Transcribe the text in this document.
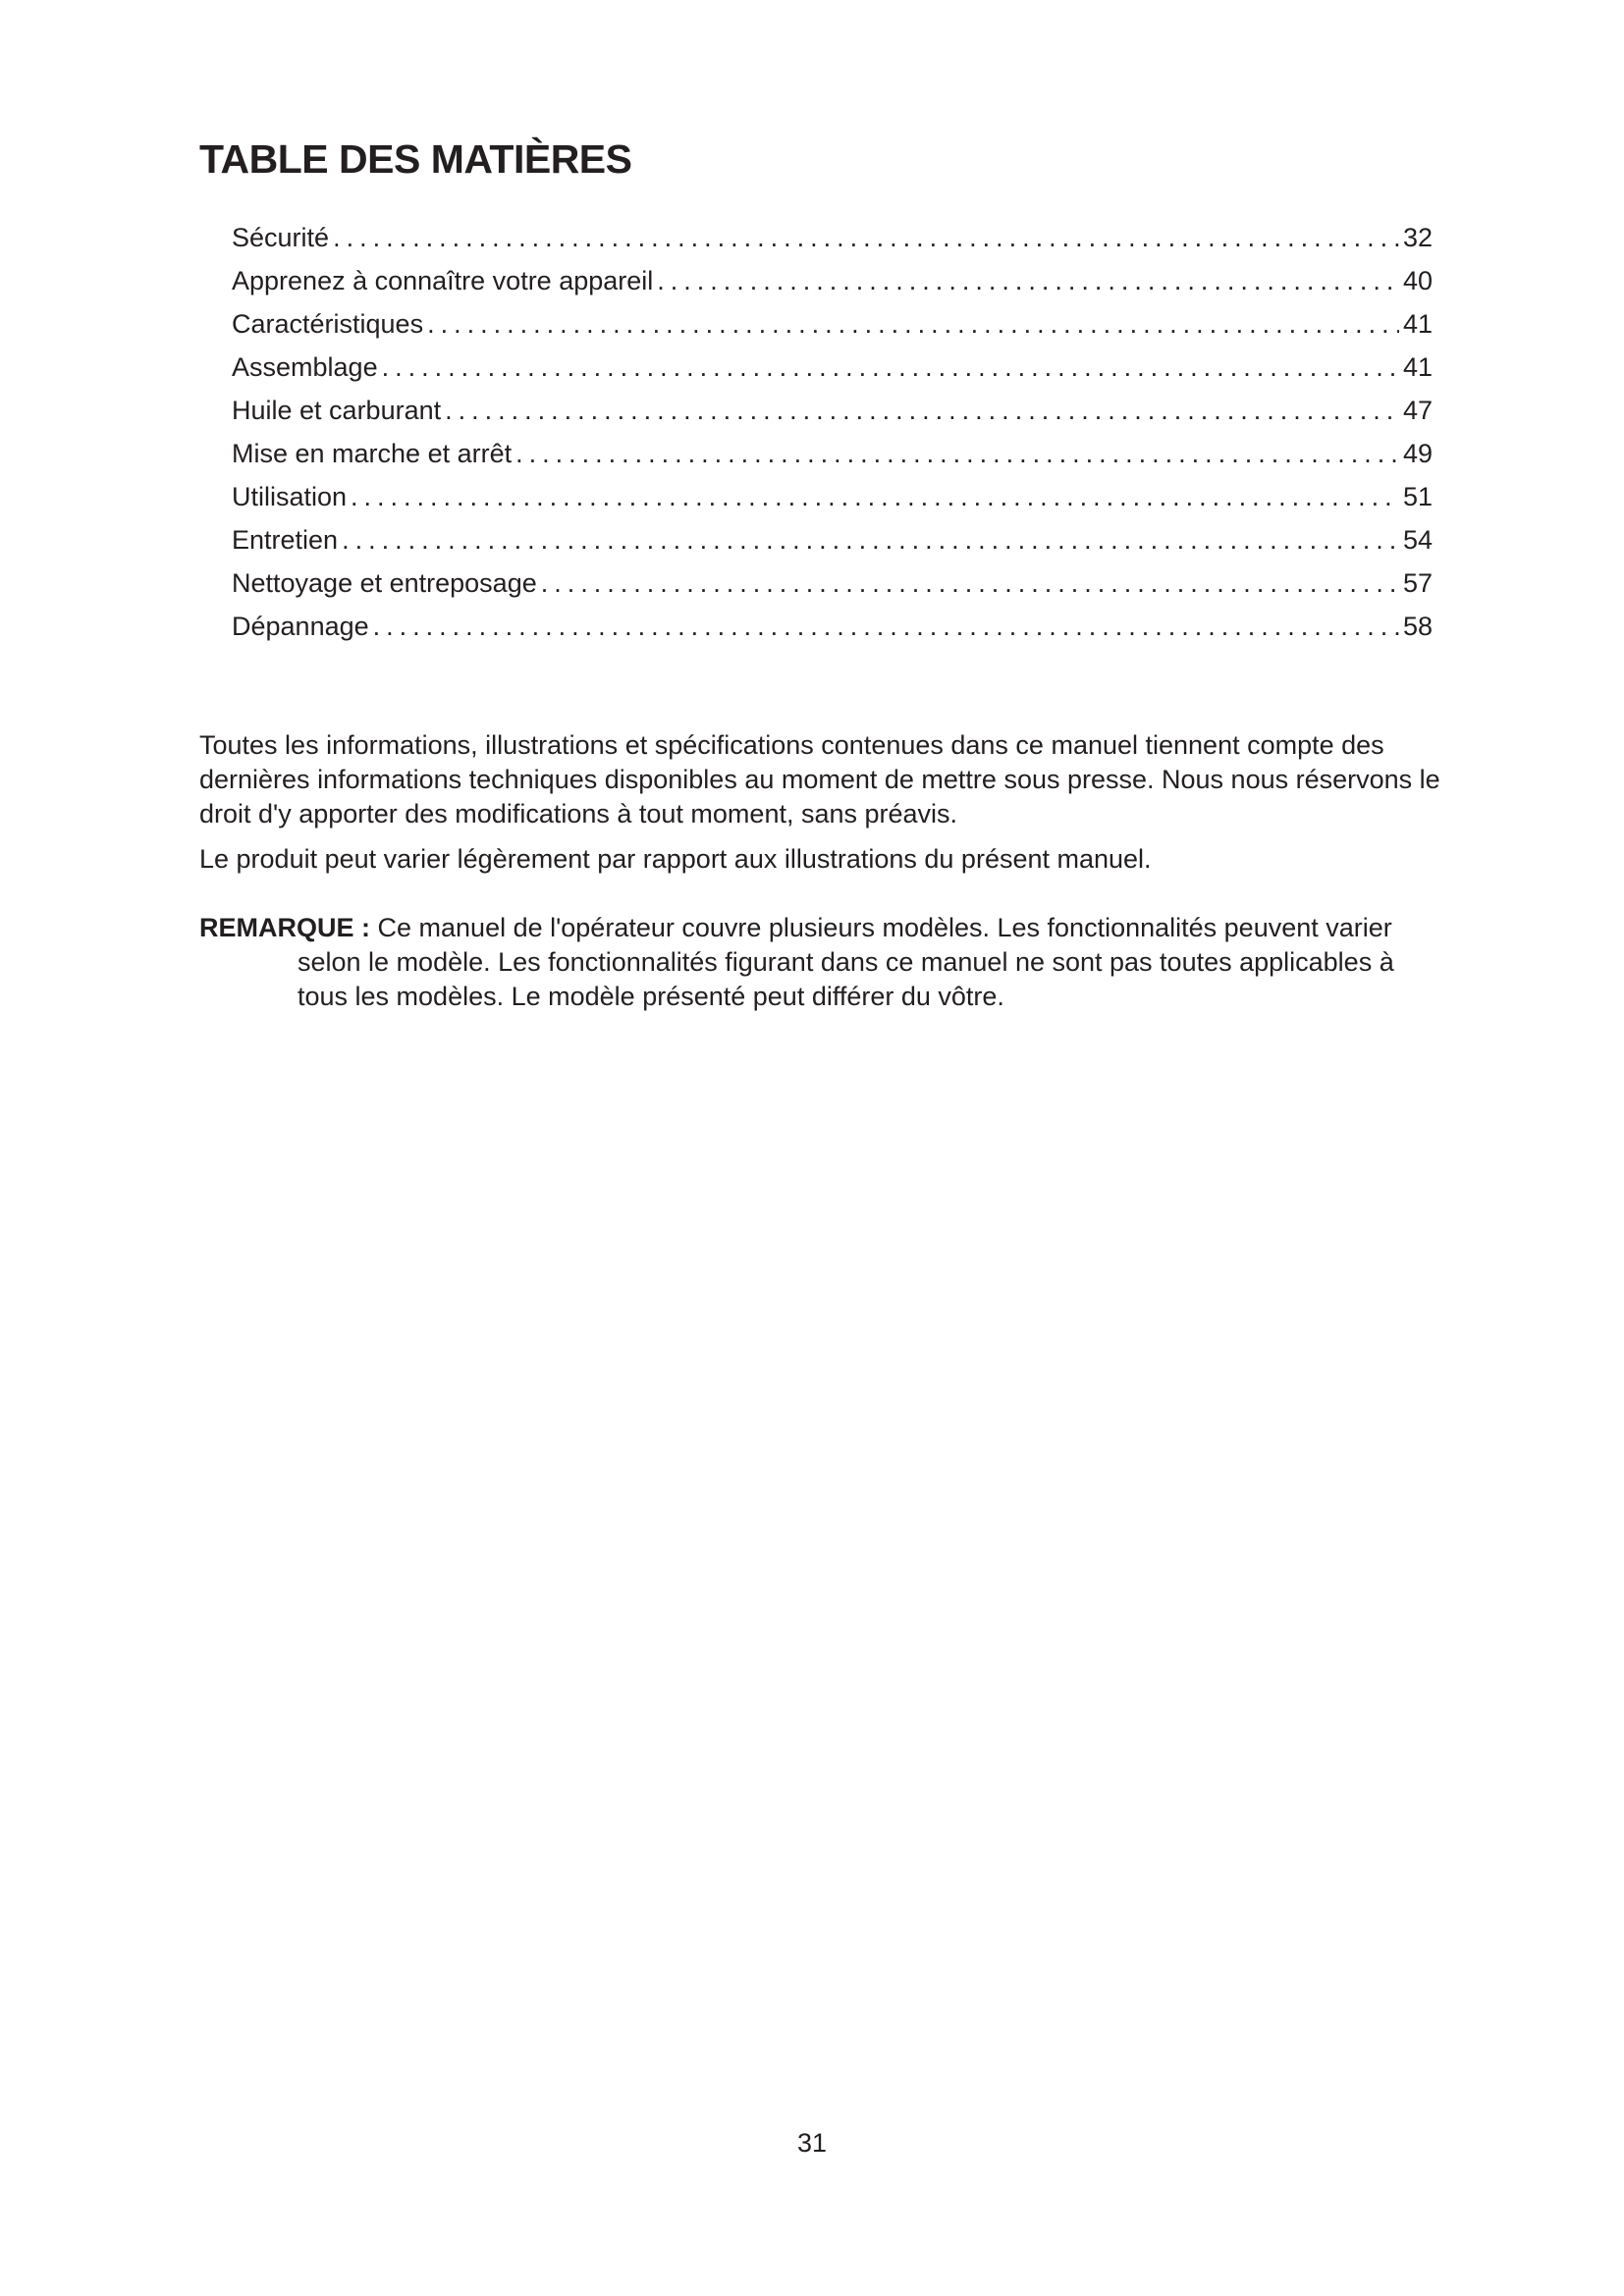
TABLE DES MATIÈRES
Sécurité .....	32
Apprenez à connaître votre appareil .....	40
Caractéristiques .....	41
Assemblage .....	41
Huile et carburant .....	47
Mise en marche et arrêt .....	49
Utilisation .....	51
Entretien .....	54
Nettoyage et entreposage .....	57
Dépannage .....	58

Toutes les informations, illustrations et spécifications contenues dans ce manuel tiennent compte des dernières informations techniques disponibles au moment de mettre sous presse. Nous nous réservons le droit d'y apporter des modifications à tout moment, sans préavis.

Le produit peut varier légèrement par rapport aux illustrations du présent manuel.

REMARQUE : Ce manuel de l'opérateur couvre plusieurs modèles. Les fonctionnalités peuvent varier selon le modèle. Les fonctionnalités figurant dans ce manuel ne sont pas toutes applicables à tous les modèles. Le modèle présenté peut différer du vôtre.

31
